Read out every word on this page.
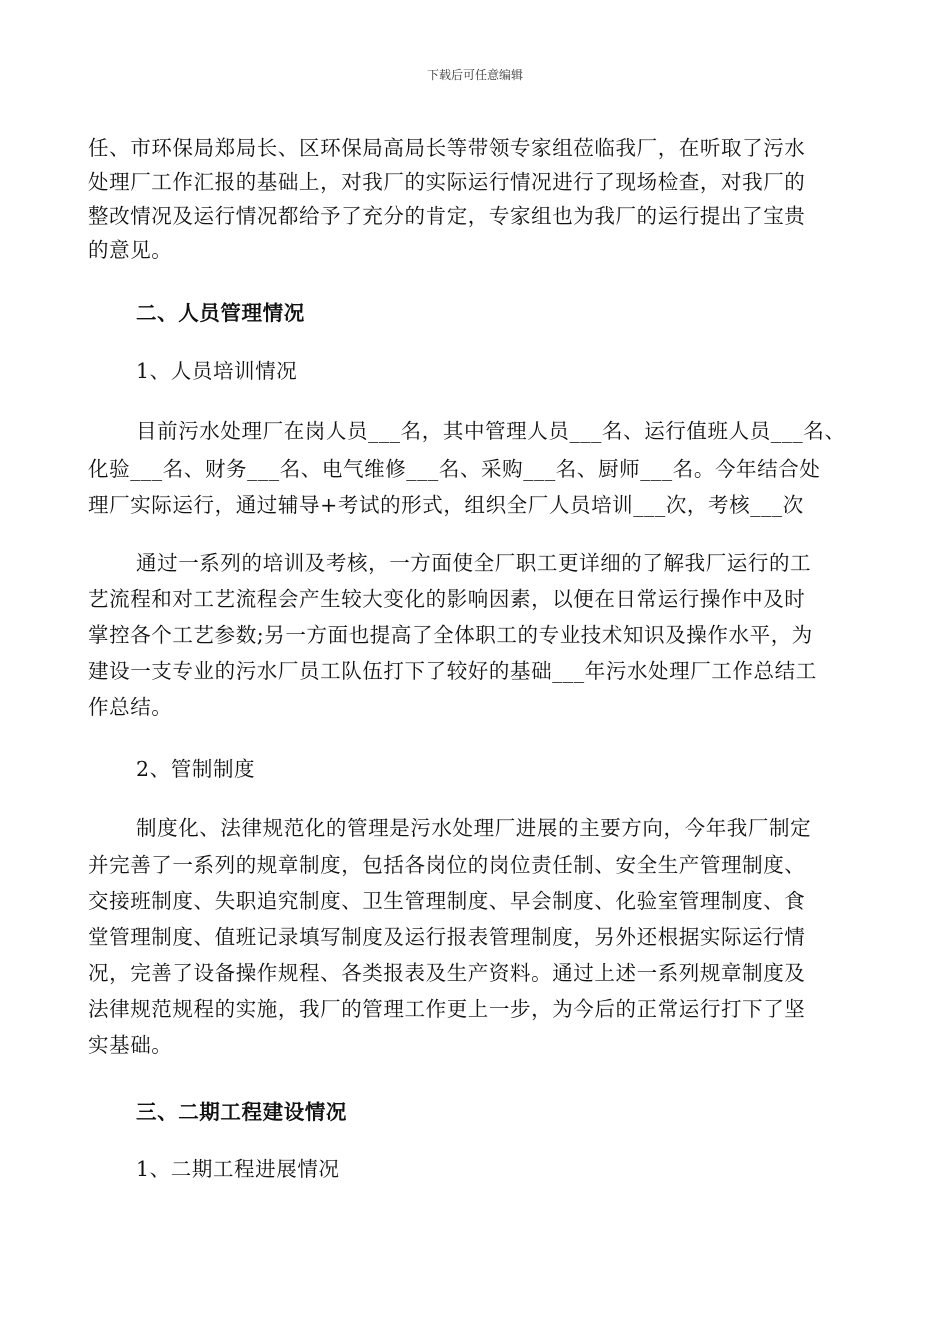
下载后可任意编辑
任、市环保局郑局长、区环保局高局长等带领专家组莅临我厂，在听取了污水
处理厂工作汇报的基础上，对我厂的实际运行情况进行了现场检查，对我厂的
整改情况及运行情况都给予了充分的肯定，专家组也为我厂的运行提出了宝贵
的意见。
二、人员管理情况
1、人员培训情况
目前污水处理厂在岗人员___名，其中管理人员___名、运行值班人员___名、
化验___名、财务___名、电气维修___名、采购___名、厨师___名。今年结合处
理厂实际运行，通过辅导+考试的形式，组织全厂人员培训___次，考核___次
通过一系列的培训及考核，一方面使全厂职工更详细的了解我厂运行的工
艺流程和对工艺流程会产生较大变化的影响因素，以便在日常运行操作中及时
掌控各个工艺参数;另一方面也提高了全体职工的专业技术知识及操作水平，为
建设一支专业的污水厂员工队伍打下了较好的基础___年污水处理厂工作总结工
作总结。
2、管制制度
制度化、法律规范化的管理是污水处理厂进展的主要方向，今年我厂制定
并完善了一系列的规章制度，包括各岗位的岗位责任制、安全生产管理制度、
交接班制度、失职追究制度、卫生管理制度、早会制度、化验室管理制度、食
堂管理制度、值班记录填写制度及运行报表管理制度，另外还根据实际运行情
况，完善了设备操作规程、各类报表及生产资料。通过上述一系列规章制度及
法律规范规程的实施，我厂的管理工作更上一步，为今后的正常运行打下了坚
实基础。
三、二期工程建设情况
1、二期工程进展情况
